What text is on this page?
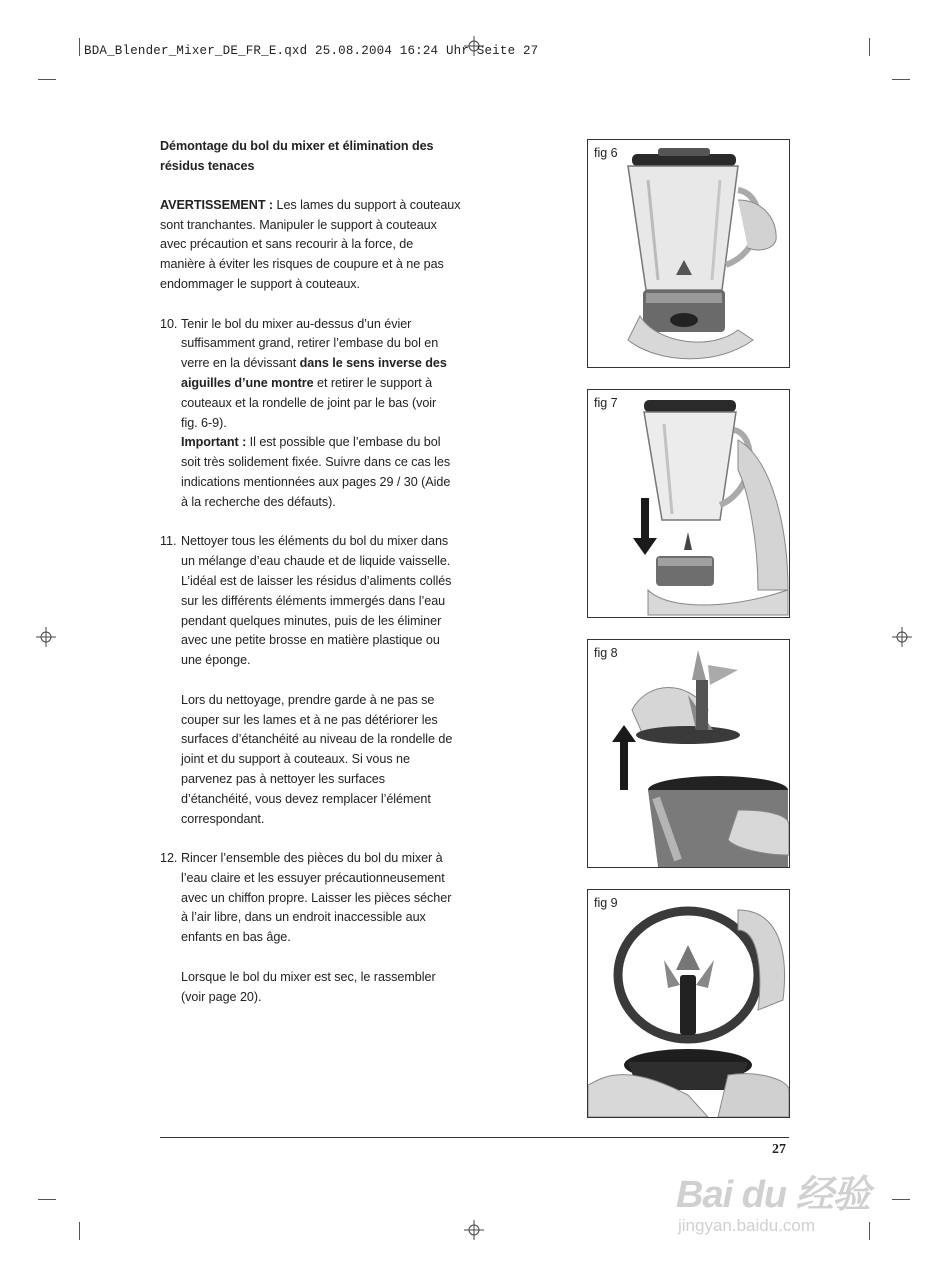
BDA_Blender_Mixer_DE_FR_E.qxd 25.08.2004 16:24 Uhr Seite 27

Démontage du bol du mixer et élimination des
résidus tenaces

AVERTISSEMENT : Les lames du support à couteaux
sont tranchantes. Manipuler le support à couteaux
avec précaution et sans recourir à la force, de
manière à éviter les risques de coupure et à ne pas
endommager le support à couteaux.

10. Tenir le bol du mixer au-dessus d’un évier
suffisamment grand, retirer l’embase du bol en
verre en la dévissant dans le sens inverse des
aiguilles d’une montre et retirer le support à
couteaux et la rondelle de joint par le bas (voir
fig. 6-9).
Important : Il est possible que l’embase du bol
soit très solidement fixée. Suivre dans ce cas les
indications mentionnées aux pages 29 / 30 (Aide
à la recherche des défauts).
11. Nettoyer tous les éléments du bol du mixer dans
un mélange d’eau chaude et de liquide vaisselle.
L’idéal est de laisser les résidus d’aliments collés
sur les différents éléments immergés dans l’eau
pendant quelques minutes, puis de les éliminer
avec une petite brosse en matière plastique ou
une éponge.

Lors du nettoyage, prendre garde à ne pas se
couper sur les lames et à ne pas détériorer les
surfaces d’étanchéité au niveau de la rondelle de
joint et du support à couteaux. Si vous ne
parvenez pas à nettoyer les surfaces
d’étanchéité, vous devez remplacer l’élément
correspondant.
12. Rincer l’ensemble des pièces du bol du mixer à
l’eau claire et les essuyer précautionneusement
avec un chiffon propre. Laisser les pièces sécher
à l’air libre, dans un endroit inaccessible aux
enfants en bas âge.

Lorsque le bol du mixer est sec, le rassembler
(voir page 20).
fig 6
fig 7
fig 8
fig 9
27
Bai du 经验
jingyan.baidu.com
